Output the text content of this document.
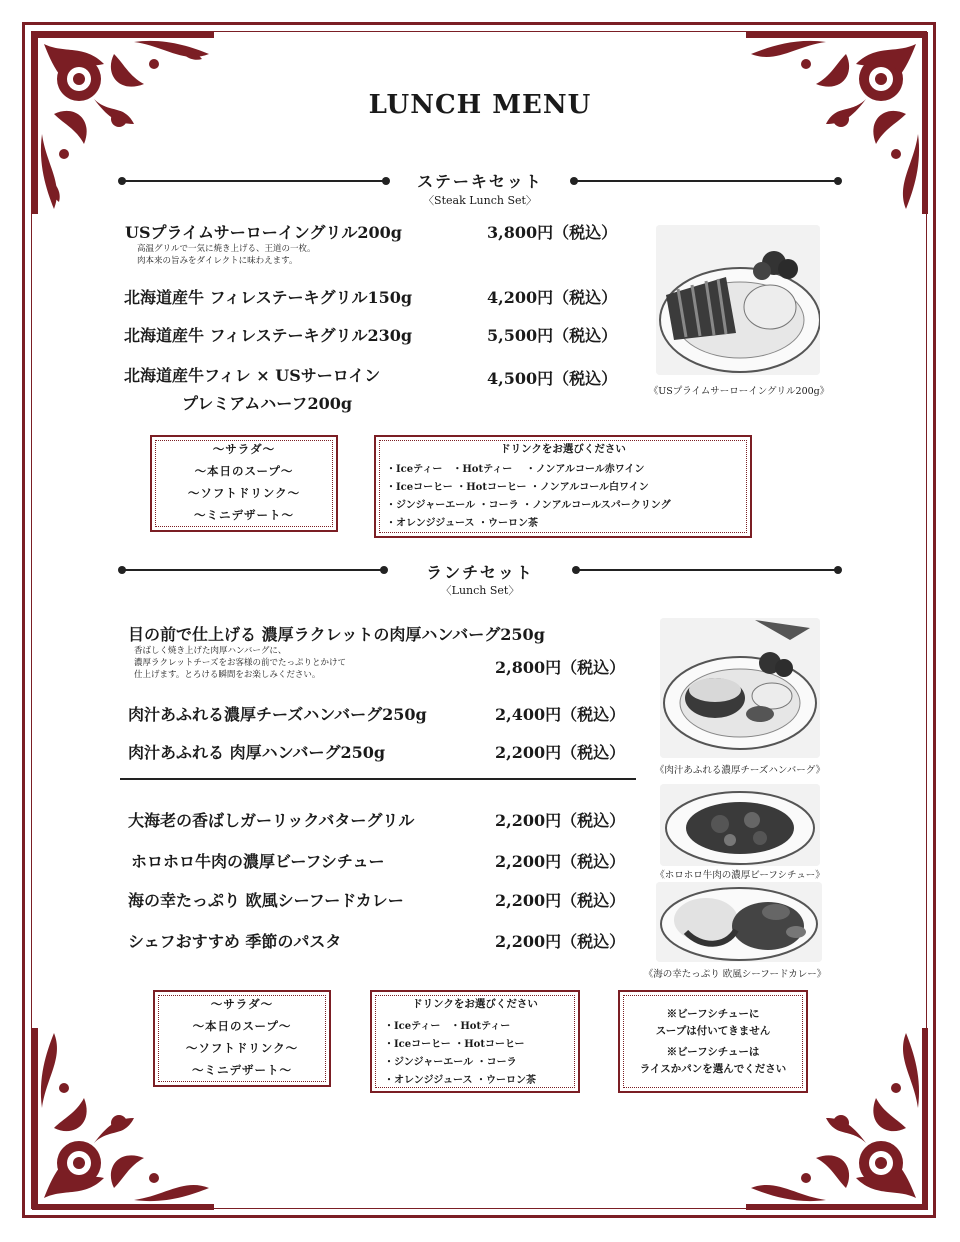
LUNCH MENU
ステーキセット
〈Steak Lunch Set〉
USプライムサーローイングリル200g
高温グリルで一気に焼き上げる、王道の一枚。
肉本来の旨みをダイレクトに味わえます。
3,800円（税込）
北海道産牛 フィレステーキグリル150g	4,200円（税込）
北海道産牛 フィレステーキグリル230g	5,500円（税込）
北海道産牛フィレ × USサーロイン
プレミアムハーフ200g
4,500円（税込）
《USプライムサーローイングリル200g》
～サラダ～
～本日のスープ～
～ソフトドリンク～
～ミニデザート～
ドリンクをお選びください
・Iceティー　・Hotティー　 ・ノンアルコール赤ワイン
・Iceコーヒー ・Hotコーヒー ・ノンアルコール白ワイン
・ジンジャーエール ・コーラ ・ノンアルコールスパークリング
・オレンジジュース ・ウーロン茶
ランチセット
〈Lunch Set〉
目の前で仕上げる 濃厚ラクレットの肉厚ハンバーグ250g
香ばしく焼き上げた肉厚ハンバーグに、
濃厚ラクレットチーズをお客様の前でたっぷりとかけて
仕上げます。とろける瞬間をお楽しみください。	2,800円（税込）
肉汁あふれる濃厚チーズハンバーグ250g	2,400円（税込）
肉汁あふれる 肉厚ハンバーグ250g	2,200円（税込）
大海老の香ばしガーリックバターグリル	2,200円（税込）
ホロホロ牛肉の濃厚ビーフシチュー	2,200円（税込）
海の幸たっぷり 欧風シーフードカレー	2,200円（税込）
シェフおすすめ 季節のパスタ	2,200円（税込）
《肉汁あふれる濃厚チーズハンバーグ》
《ホロホロ牛肉の濃厚ビーフシチュー》
《海の幸たっぷり 欧風シーフードカレー》
～サラダ～
～本日のスープ～
～ソフトドリンク～
～ミニデザート～
ドリンクをお選びください
・Iceティー　・Hotティー
・Iceコーヒー ・Hotコーヒー
・ジンジャーエール ・コーラ
・オレンジジュース ・ウーロン茶
※ビーフシチューに
スープは付いてきません
※ビーフシチューは
ライスかパンを選んでください
